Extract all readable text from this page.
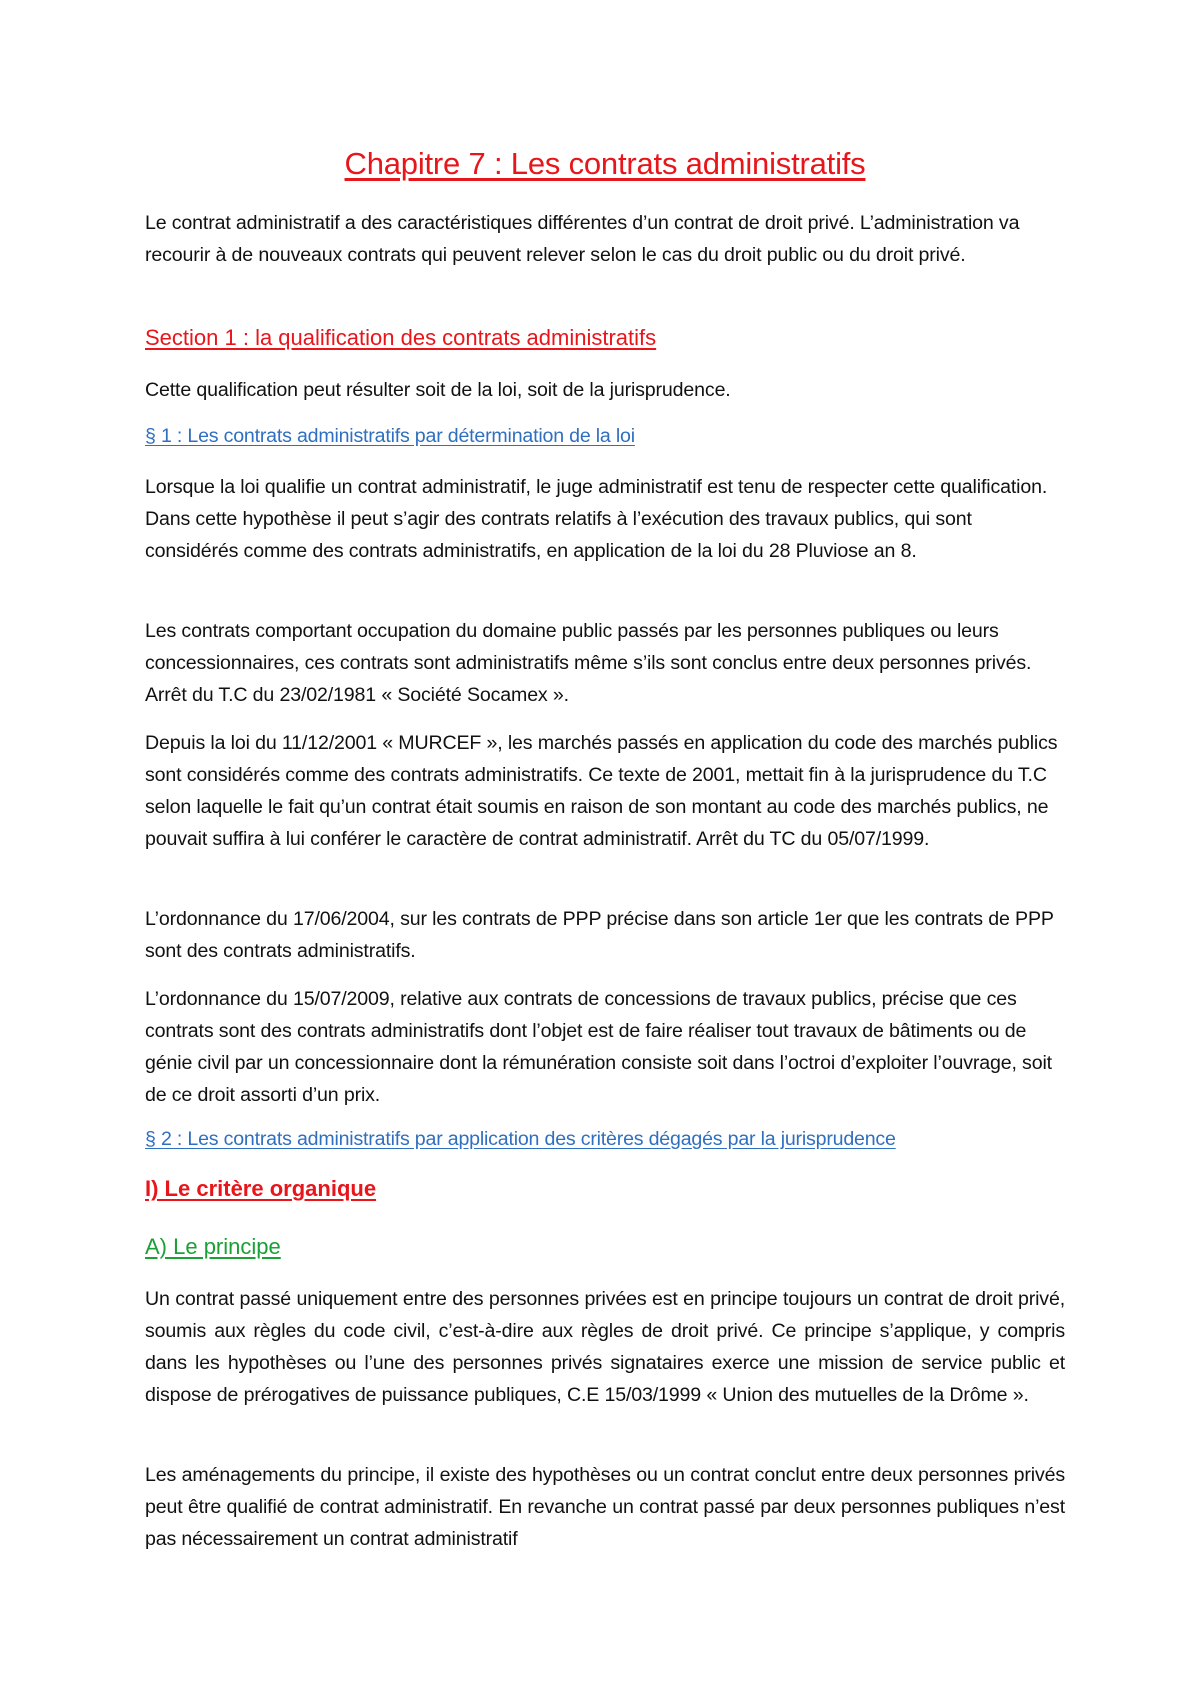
Chapitre 7 : Les contrats administratifs

Le contrat administratif a des caractéristiques différentes d’un contrat de droit privé. L’administration va recourir à de nouveaux contrats qui peuvent relever selon le cas du droit public ou du droit privé.

Section 1 : la qualification des contrats administratifs

Cette qualification peut résulter soit de la loi, soit de la jurisprudence.

§ 1 : Les contrats administratifs par détermination de la loi

Lorsque la loi qualifie un contrat administratif, le juge administratif est tenu de respecter cette qualification. Dans cette hypothèse il peut s’agir des contrats relatifs à l’exécution des travaux publics, qui sont considérés comme des contrats administratifs, en application de la loi du 28 Pluviose an 8.

Les contrats comportant occupation du domaine public passés par les personnes publiques ou leurs concessionnaires, ces contrats sont administratifs même s’ils sont conclus entre deux personnes privés. Arrêt du T.C du 23/02/1981 « Société Socamex ».

Depuis la loi du 11/12/2001 « MURCEF », les marchés passés en application du code des marchés publics sont considérés comme des contrats administratifs. Ce texte de 2001, mettait fin à la jurisprudence du T.C selon laquelle le fait qu’un contrat était soumis en raison de son montant au code des marchés publics, ne pouvait suffira à lui conférer le caractère de contrat administratif. Arrêt du TC du 05/07/1999.

L’ordonnance du 17/06/2004, sur les contrats de PPP précise dans son article 1er que les contrats de PPP sont des contrats administratifs.

L’ordonnance du 15/07/2009, relative aux contrats de concessions de travaux publics, précise que ces contrats sont des contrats administratifs dont l’objet est de faire réaliser tout travaux de bâtiments ou de génie civil par un concessionnaire dont la rémunération consiste soit dans l’octroi d’exploiter l’ouvrage, soit de ce droit assorti d’un prix.

§ 2 : Les contrats administratifs par application des critères dégagés par la jurisprudence
I) Le critère organique
A) Le principe

Un contrat passé uniquement entre des personnes privées est en principe toujours un contrat de droit privé, soumis aux règles du code civil, c’est-à-dire aux règles de droit privé. Ce principe s’applique, y compris dans les hypothèses ou l’une des personnes privés signataires exerce une mission de service public et dispose de prérogatives de puissance publiques, C.E 15/03/1999 « Union des mutuelles de la Drôme ».

Les aménagements du principe, il existe des hypothèses ou un contrat conclut entre deux personnes privés peut être qualifié de contrat administratif. En revanche un contrat passé par deux personnes publiques n’est pas nécessairement un contrat administratif
